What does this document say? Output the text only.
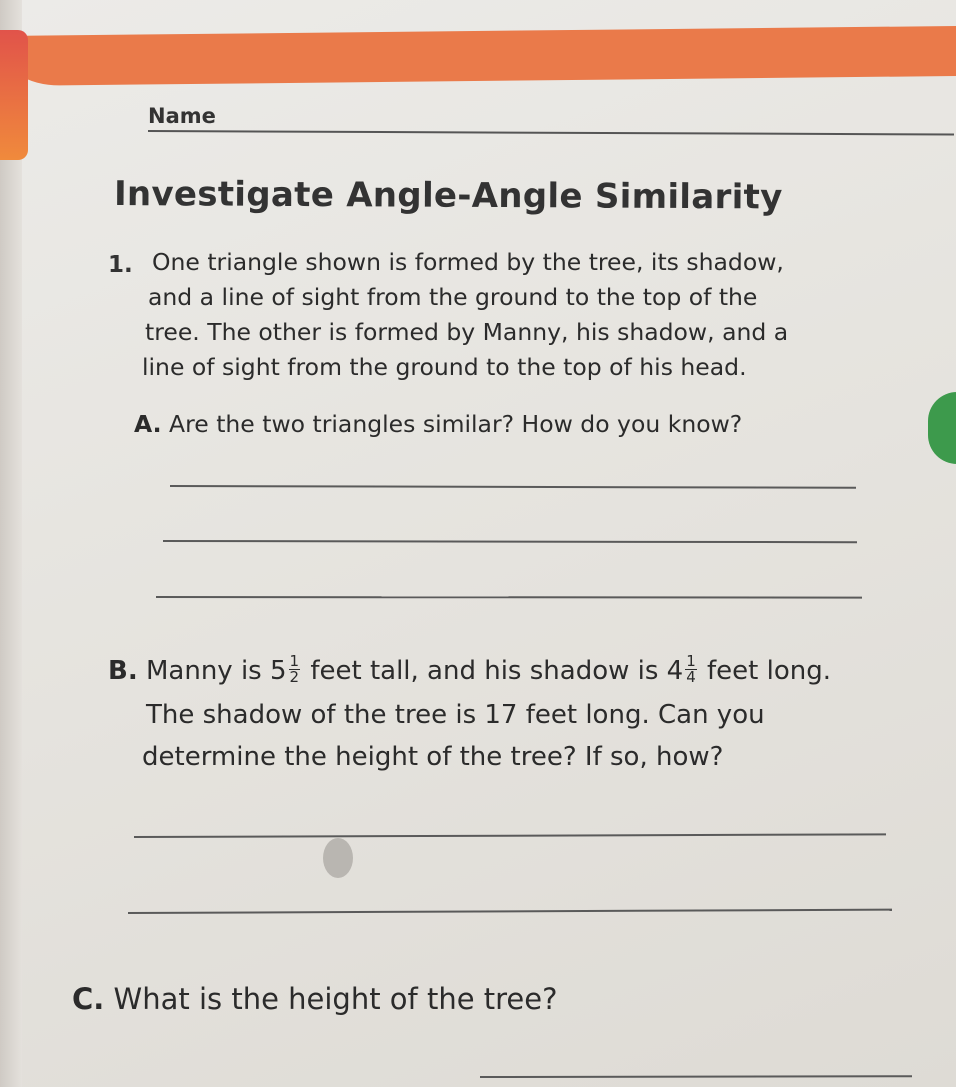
Name
Investigate Angle-Angle Similarity
1. One triangle shown is formed by the tree, its shadow,
and a line of sight from the ground to the top of the
tree. The other is formed by Manny, his shadow, and a
line of sight from the ground to the top of his head.
A. Are the two triangles similar? How do you know?
B. Manny is $5 \frac{1}{2}$ feet tall, and his shadow is $4 \frac{1}{4}$ feet long.
The shadow of the tree is 17 feet long. Can you
determine the height of the tree? If so, how?
C. What is the height of the tree?
